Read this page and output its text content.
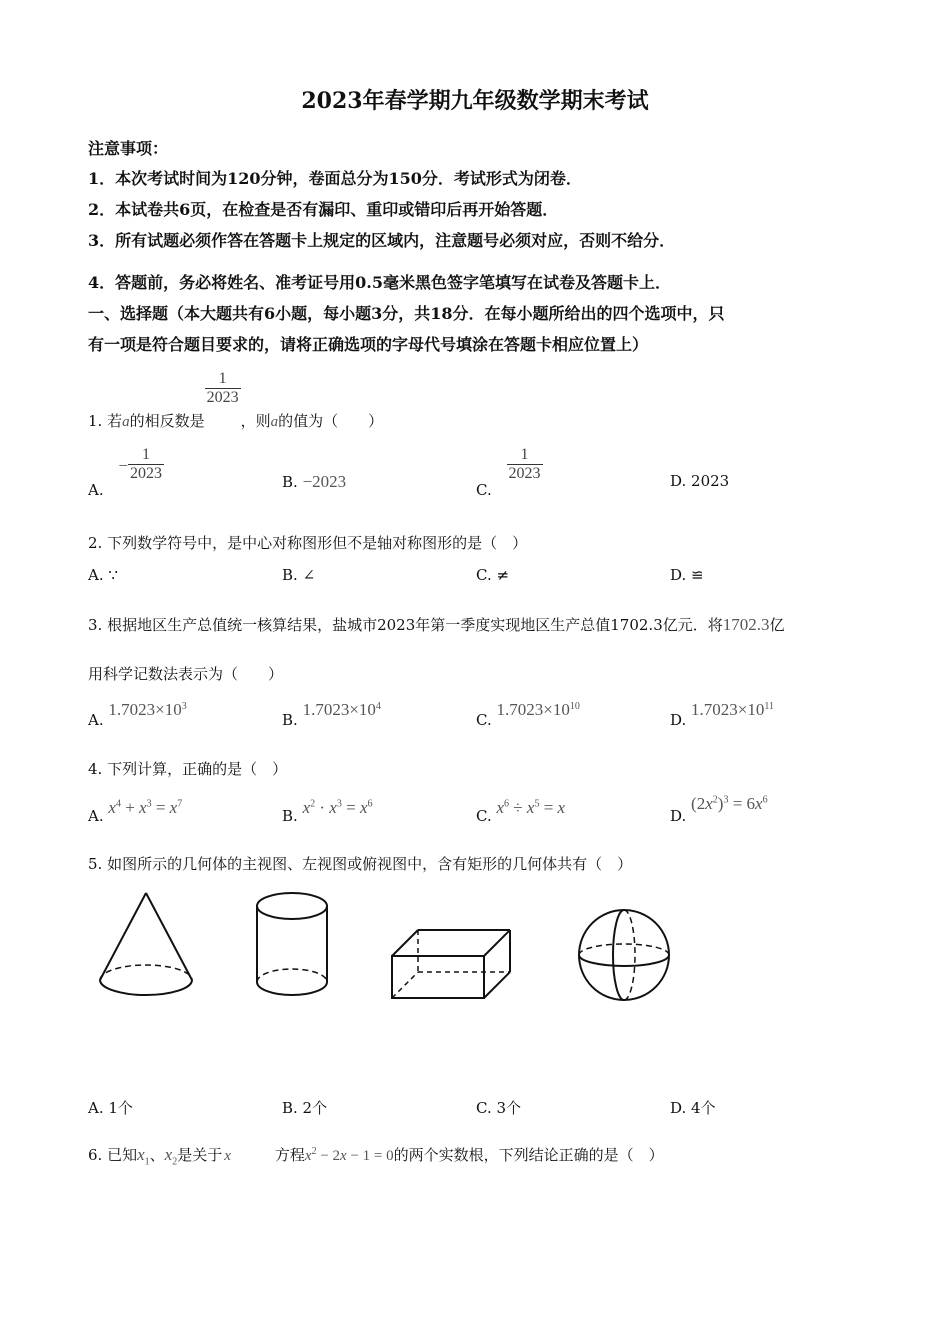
2023年春学期九年级数学期末考试
注意事项：
1．本次考试时间为120分钟，卷面总分为150分．考试形式为闭卷．
2．本试卷共6页，在检查是否有漏印、重印或错印后再开始答题．
3．所有试题必须作答在答题卡上规定的区域内，注意题号必须对应，否则不给分．
4．答题前，务必将姓名、准考证号用0.5毫米黑色签字笔填写在试卷及答题卡上．
一、选择题（本大题共有6小题，每小题3分，共18分．在每小题所给出的四个选项中，只
有一项是符合题目要求的，请将正确选项的字母代号填涂在答题卡相应位置上）
1. 若a的相反数是
$\frac{1}{2023}$
，则a的值为（　　）
A. − $\frac{1}{2023}$	B. −2023	C.
$\frac{1}{2023}$	D. 2023
2. 下列数学符号中，是中心对称图形但不是轴对称图形的是（　）
A. ∵	B. ∠	C. ≠	D. ≌
3. 根据地区生产总值统一核算结果，盐城市2023年第一季度实现地区生产总值1702.3亿元．将1702.3亿
用科学记数法表示为（　　）
A. $1.7023\times 10^3$
B. $1.7023\times 10^4$
C. $1.7023\times 10^{10}$
D. $1.7023\times 10^{11}$
4. 下列计算，正确的是（　）
A. $x^4 + x^3 = x^7$
B. $x^2 \cdot x^3 = x^6$
C. $x^6 \div x^5 = x$	D. $(2x^2)^3 = 6x^6$
5. 如图所示的几何体的主视图、左视图或俯视图中，含有矩形的几何体共有（　）
A. 1个	B. 2个	C. 3个	D. 4个
6. 已知$x_1$、$x_2$是关于 x	方程$x^2 - 2x - 1 = 0$的两个实数根，下列结论正确的是（　）
